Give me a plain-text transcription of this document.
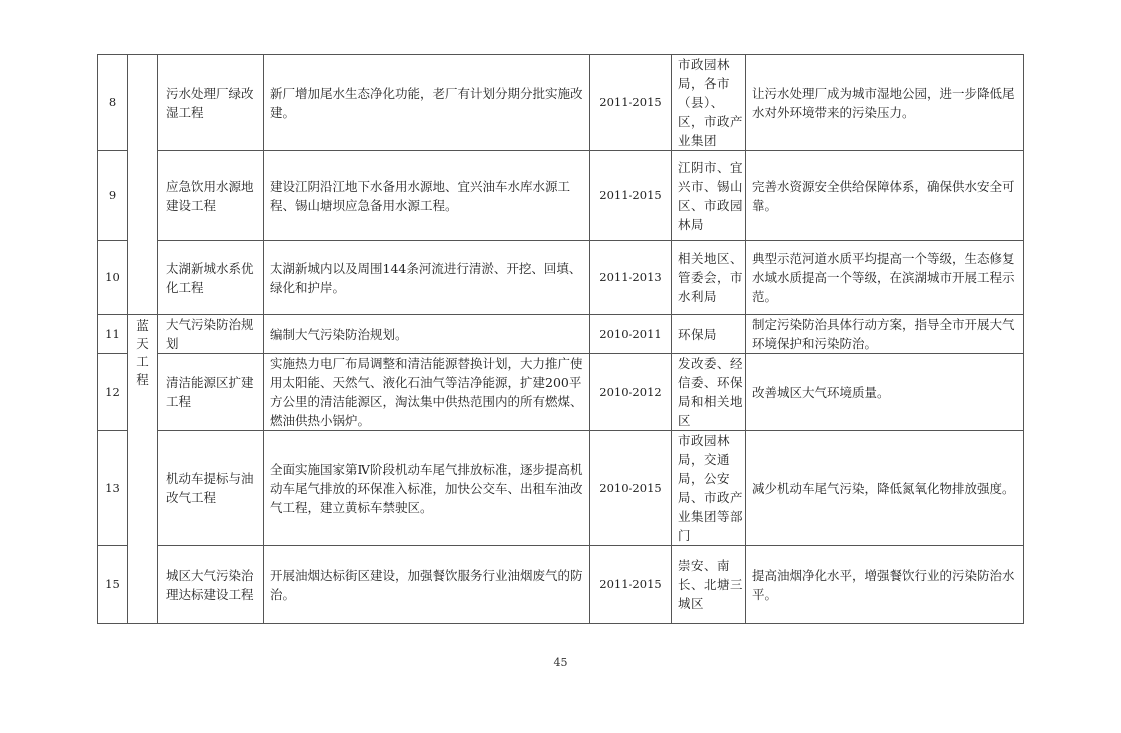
8		污水处理厂绿改湿工程	新厂增加尾水生态净化功能，老厂有计划分期分批实施改建。	2011-2015	市政园林局，各市（县）、区，市政产业集团	让污水处理厂成为城市湿地公园，进一步降低尾水对外环境带来的污染压力。
9		应急饮用水源地建设工程	建设江阴沿江地下水备用水源地、宜兴油车水库水源工程、锡山塘坝应急备用水源工程。	2011-2015	江阴市、宜兴市、锡山区、市政园林局	完善水资源安全供给保障体系，确保供水安全可靠。
10		太湖新城水系优化工程	太湖新城内以及周围144条河流进行清淤、开挖、回填、绿化和护岸。	2011-2013	相关地区、管委会，市水利局	典型示范河道水质平均提高一个等级，生态修复水域水质提高一个等级，在滨湖城市开展工程示范。
11	蓝天工程	大气污染防治规划	编制大气污染防治规划。	2010-2011	环保局	制定污染防治具体行动方案，指导全市开展大气环境保护和污染防治。
12		清洁能源区扩建工程	实施热力电厂布局调整和清洁能源替换计划，大力推广使用太阳能、天然气、液化石油气等洁净能源，扩建200平方公里的清洁能源区，淘汰集中供热范围内的所有燃煤、燃油供热小锅炉。	2010-2012	发改委、经信委、环保局和相关地区	改善城区大气环境质量。
13		机动车提标与油改气工程	全面实施国家第Ⅳ阶段机动车尾气排放标准，逐步提高机动车尾气排放的环保准入标准，加快公交车、出租车油改气工程，建立黄标车禁驶区。	2010-2015	市政园林局，交通局，公安局、市政产业集团等部门	减少机动车尾气污染，降低氮氧化物排放强度。
15		城区大气污染治理达标建设工程	开展油烟达标街区建设，加强餐饮服务行业油烟废气的防治。	2011-2015	崇安、南长、北塘三城区	提高油烟净化水平，增强餐饮行业的污染防治水平。
45
